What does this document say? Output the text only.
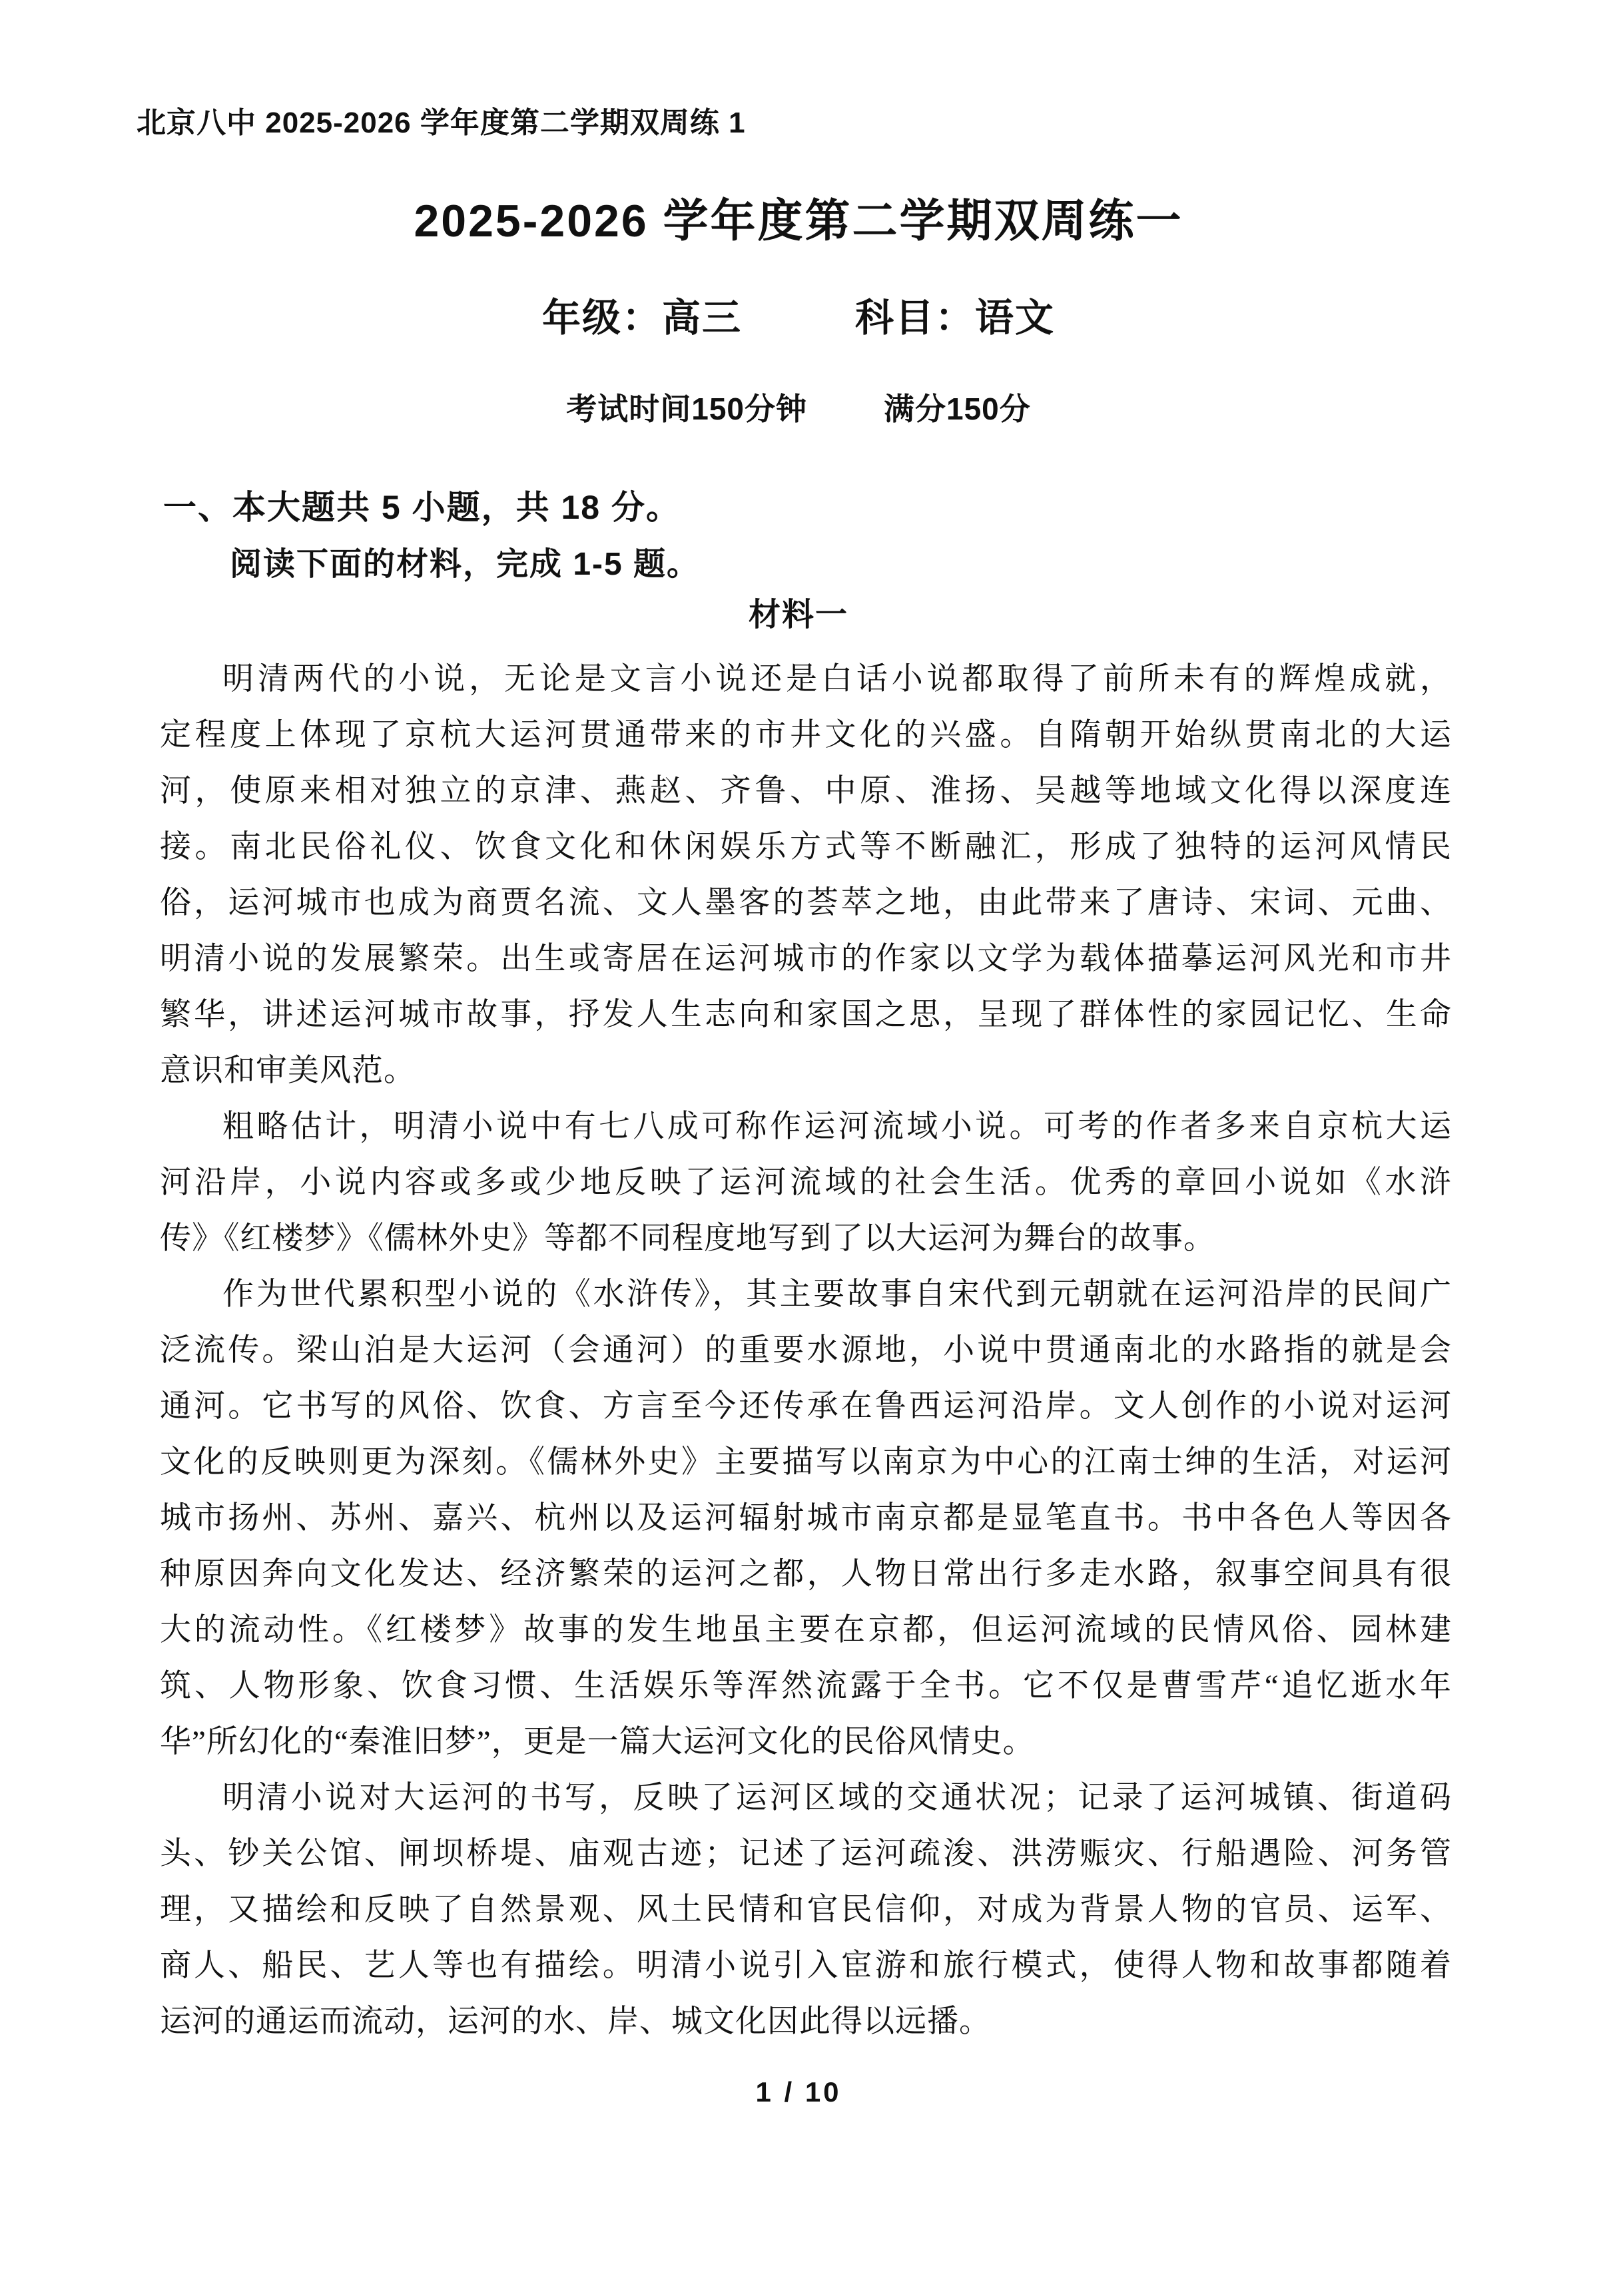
北京八中 2025-2026 学年度第二学期双周练 1
2025-2026 学年度第二学期双周练一
年级：高三	科目：语文
考试时间150分钟	满分150分
一、本大题共 5 小题，共 18 分。
阅读下面的材料，完成 1-5 题。
材料一
明清两代的小说，无论是文言小说还是白话小说都取得了前所未有的辉煌成就，
定程度上体现了京杭大运河贯通带来的市井文化的兴盛。自隋朝开始纵贯南北的大运
河，使原来相对独立的京津、燕赵、齐鲁、中原、淮扬、吴越等地域文化得以深度连
接。南北民俗礼仪、饮食文化和休闲娱乐方式等不断融汇，形成了独特的运河风情民
俗，运河城市也成为商贾名流、文人墨客的荟萃之地，由此带来了唐诗、宋词、元曲、
明清小说的发展繁荣。出生或寄居在运河城市的作家以文学为载体描摹运河风光和市井
繁华，讲述运河城市故事，抒发人生志向和家国之思，呈现了群体性的家园记忆、生命
意识和审美风范。
粗略估计，明清小说中有七八成可称作运河流域小说。可考的作者多来自京杭大运
河沿岸，小说内容或多或少地反映了运河流域的社会生活。优秀的章回小说如《水浒
传》《红楼梦》《儒林外史》等都不同程度地写到了以大运河为舞台的故事。
作为世代累积型小说的《水浒传》，其主要故事自宋代到元朝就在运河沿岸的民间广
泛流传。梁山泊是大运河（会通河）的重要水源地，小说中贯通南北的水路指的就是会
通河。它书写的风俗、饮食、方言至今还传承在鲁西运河沿岸。文人创作的小说对运河
文化的反映则更为深刻。《儒林外史》主要描写以南京为中心的江南士绅的生活，对运河
城市扬州、苏州、嘉兴、杭州以及运河辐射城市南京都是显笔直书。书中各色人等因各
种原因奔向文化发达、经济繁荣的运河之都，人物日常出行多走水路，叙事空间具有很
大的流动性。《红楼梦》故事的发生地虽主要在京都，但运河流域的民情风俗、园林建
筑、人物形象、饮食习惯、生活娱乐等浑然流露于全书。它不仅是曹雪芹“追忆逝水年
华”所幻化的“秦淮旧梦”，更是一篇大运河文化的民俗风情史。
明清小说对大运河的书写，反映了运河区域的交通状况；记录了运河城镇、街道码
头、钞关公馆、闸坝桥堤、庙观古迹；记述了运河疏浚、洪涝赈灾、行船遇险、河务管
理，又描绘和反映了自然景观、风土民情和官民信仰，对成为背景人物的官员、运军、
商人、船民、艺人等也有描绘。明清小说引入宦游和旅行模式，使得人物和故事都随着
运河的通运而流动，运河的水、岸、城文化因此得以远播。
1 / 10
